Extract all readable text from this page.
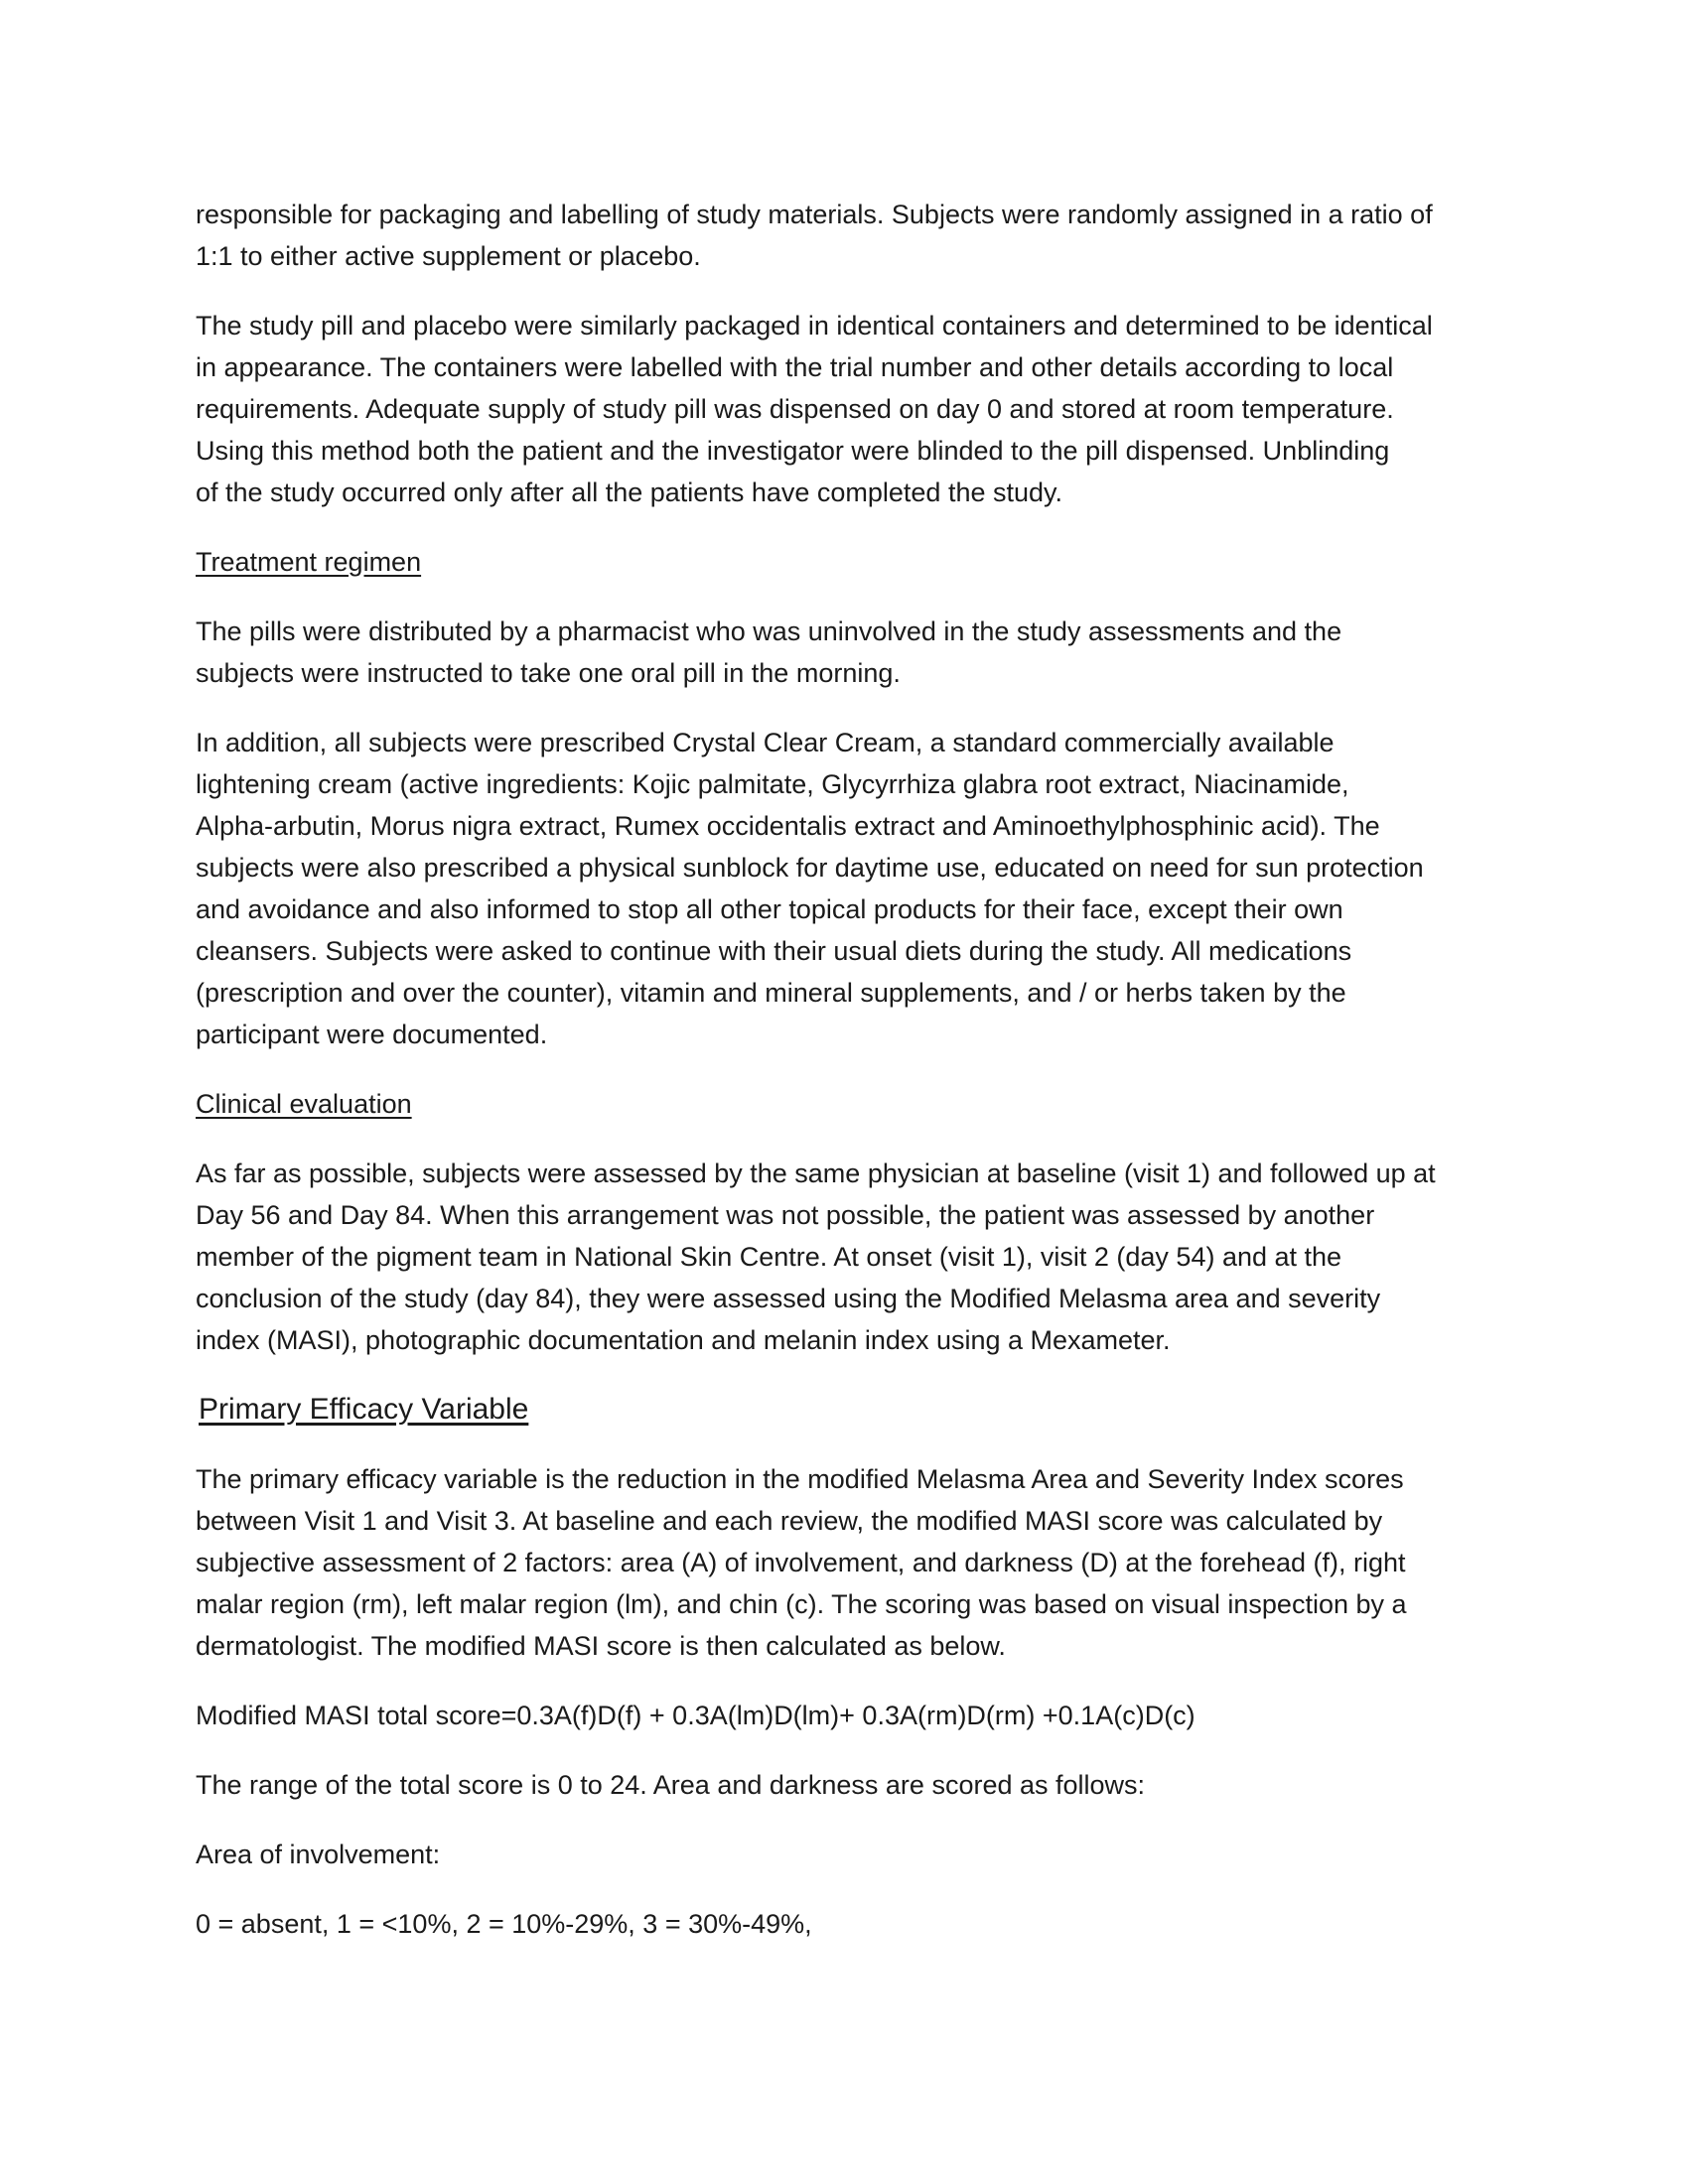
responsible for packaging and labelling of study materials. Subjects were randomly assigned in a ratio of
1:1 to either active supplement or placebo.
The study pill and placebo were similarly packaged in identical containers and determined to be identical
in appearance. The containers were labelled with the trial number and other details according to local
requirements. Adequate supply of study pill was dispensed on day 0 and stored at room temperature.
Using this method both the patient and the investigator were blinded to the pill dispensed. Unblinding
of the study occurred only after all the patients have completed the study.
Treatment regimen
The pills were distributed by a pharmacist who was uninvolved in the study assessments and the
subjects were instructed to take one oral pill in the morning.
In addition, all subjects were prescribed Crystal Clear Cream, a standard commercially available
lightening cream (active ingredients: Kojic palmitate, Glycyrrhiza glabra root extract, Niacinamide,
Alpha-arbutin, Morus nigra extract, Rumex occidentalis extract and Aminoethylphosphinic acid). The
subjects were also prescribed a physical sunblock for daytime use, educated on need for sun protection
and avoidance and also informed to stop all other topical products for their face, except their own
cleansers. Subjects were asked to continue with their usual diets during the study. All medications
(prescription and over the counter), vitamin and mineral supplements, and / or herbs taken by the
participant were documented.
Clinical evaluation
As far as possible, subjects were assessed by the same physician at baseline (visit 1) and followed up at
Day 56 and Day 84. When this arrangement was not possible, the patient was assessed by another
member of the pigment team in National Skin Centre. At onset (visit 1), visit 2 (day 54) and at the
conclusion of the study (day 84), they were assessed using the Modified Melasma area and severity
index (MASI), photographic documentation and melanin index using a Mexameter.
Primary Efficacy Variable
The primary efficacy variable is the reduction in the modified Melasma Area and Severity Index scores
between Visit 1 and Visit 3. At baseline and each review, the modified MASI score was calculated by
subjective assessment of 2 factors: area (A) of involvement, and darkness (D) at the forehead (f), right
malar region (rm), left malar region (lm), and chin (c). The scoring was based on visual inspection by a
dermatologist. The modified MASI score is then calculated as below.
Modified MASI total score=0.3A(f)D(f) + 0.3A(lm)D(lm)+ 0.3A(rm)D(rm) +0.1A(c)D(c)
The range of the total score is 0 to 24. Area and darkness are scored as follows:
Area of involvement:
0 = absent, 1 = <10%, 2 = 10%-29%, 3 = 30%-49%,
